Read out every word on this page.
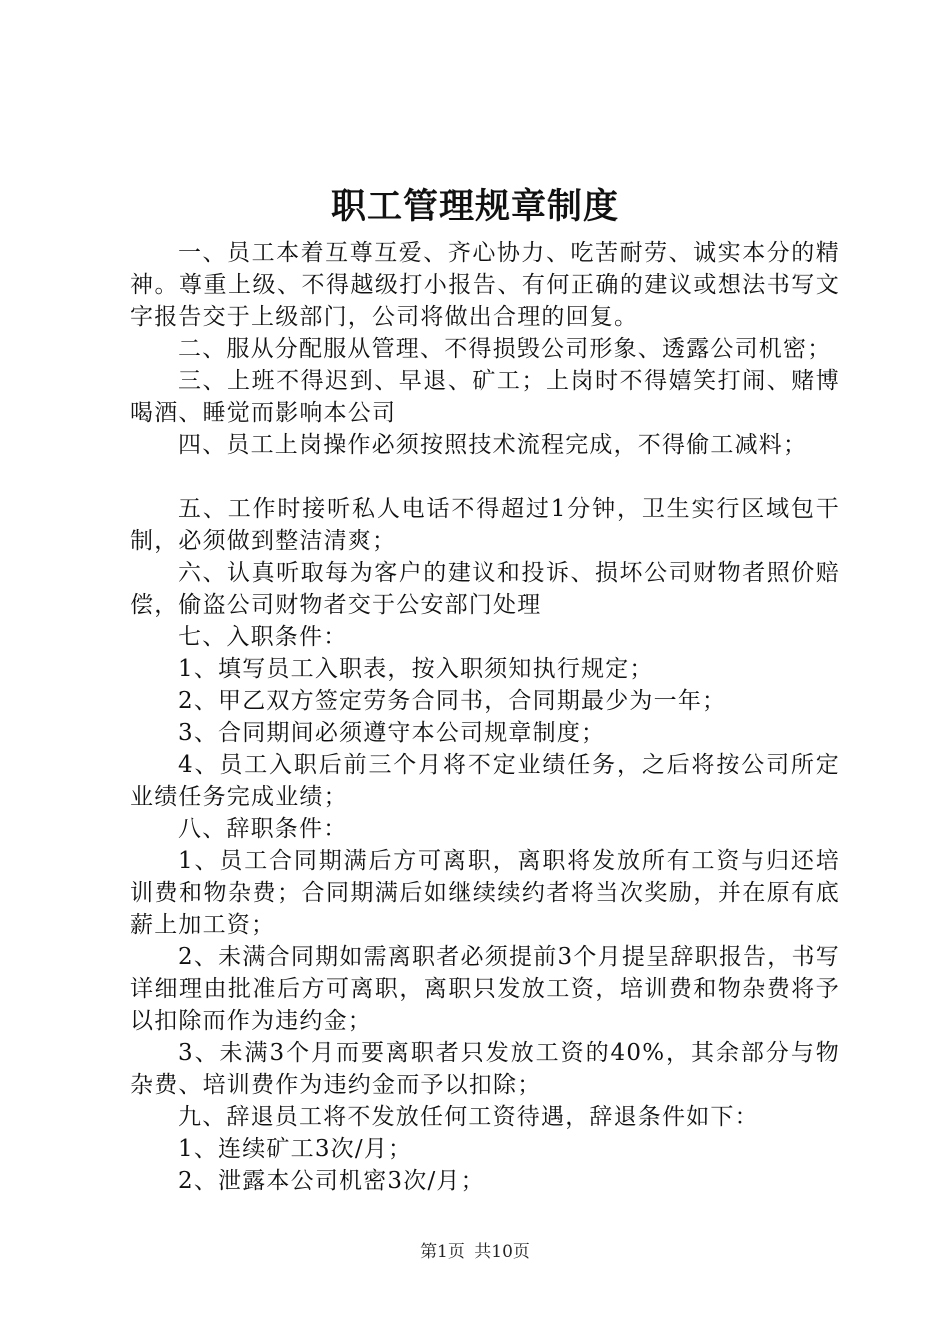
职工管理规章制度

一、员工本着互尊互爱、齐心协力、吃苦耐劳、诚实本分的精神。尊重上级、不得越级打小报告、有何正确的建议或想法书写文字报告交于上级部门，公司将做出合理的回复。

二、服从分配服从管理、不得损毁公司形象、透露公司机密；

三、上班不得迟到、早退、矿工；上岗时不得嬉笑打闹、赌博喝酒、睡觉而影响本公司

四、员工上岗操作必须按照技术流程完成，不得偷工减料；

五、工作时接听私人电话不得超过1分钟，卫生实行区域包干制，必须做到整洁清爽；

六、认真听取每为客户的建议和投诉、损坏公司财物者照价赔偿，偷盗公司财物者交于公安部门处理

七、入职条件：

1、填写员工入职表，按入职须知执行规定；

2、甲乙双方签定劳务合同书，合同期最少为一年；

3、合同期间必须遵守本公司规章制度；

4、员工入职后前三个月将不定业绩任务，之后将按公司所定业绩任务完成业绩；

八、辞职条件：

1、员工合同期满后方可离职，离职将发放所有工资与归还培训费和物杂费；合同期满后如继续续约者将当次奖励，并在原有底薪上加工资；

2、未满合同期如需离职者必须提前3个月提呈辞职报告，书写详细理由批准后方可离职，离职只发放工资，培训费和物杂费将予以扣除而作为违约金；

3、未满3个月而要离职者只发放工资的40%，其余部分与物杂费、培训费作为违约金而予以扣除；

九、辞退员工将不发放任何工资待遇，辞退条件如下：

1、连续矿工3次/月；

2、泄露本公司机密3次/月；

第1页 共10页
